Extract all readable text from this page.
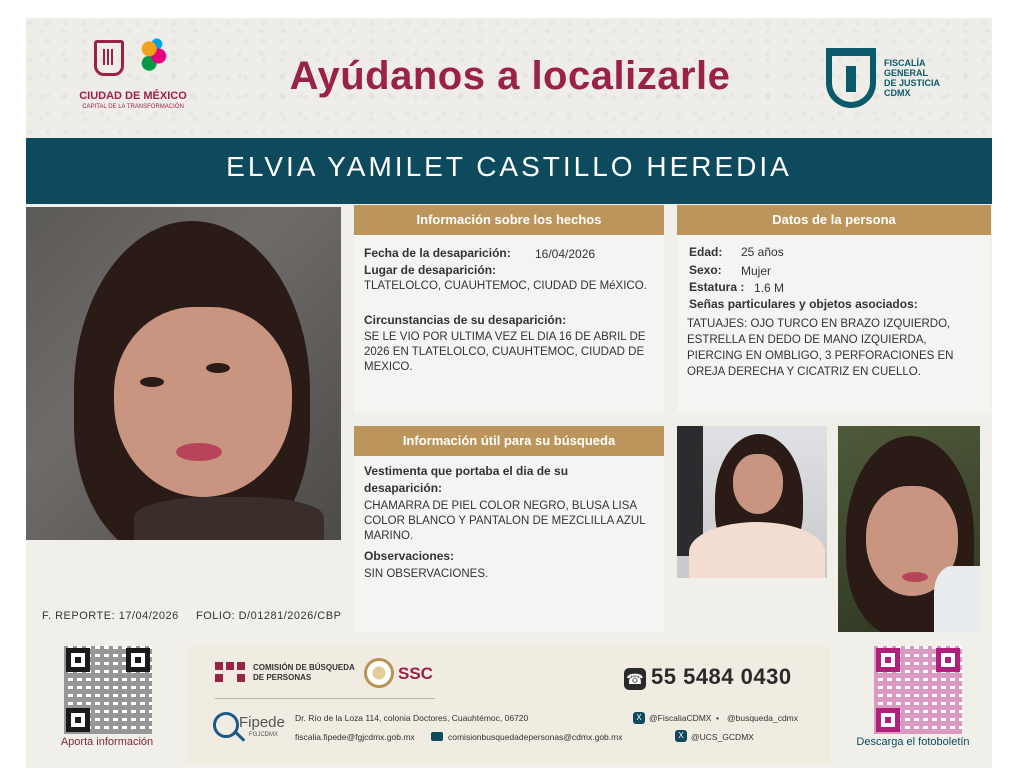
CIUDAD DE MÉXICO
CAPITAL DE LA TRANSFORMACIÓN
Ayúdanos a localizarle	FISCALÍA
GENERAL
DE JUSTICIA
CDMX
ELVIA YAMILET CASTILLO HEREDIA
F. REPORTE: 17/04/2026 FOLIO: D/01281/2026/CBP
Información sobre los hechos
Fecha de la desaparición: 16/04/2026
Lugar de desaparición:
TLATELOLCO, CUAUHTEMOC, CIUDAD DE MéXICO.
Circunstancias de su desaparición:
SE LE VIO POR ULTIMA VEZ EL DIA 16 DE ABRIL DE
2026 EN TLATELOLCO, CUAUHTEMOC, CIUDAD DE
MEXICO.
Datos de la persona
Edad: 25 años
Sexo: Mujer
Estatura : 1.6 M
Señas particulares y objetos asociados:
TATUAJES: OJO TURCO EN BRAZO IZQUIERDO,
ESTRELLA EN DEDO DE MANO IZQUIERDA,
PIERCING EN OMBLIGO, 3 PERFORACIONES EN
OREJA DERECHA Y CICATRIZ EN CUELLO.
Información útil para su búsqueda
Vestimenta que portaba el dia de su
desaparición:
CHAMARRA DE PIEL COLOR NEGRO, BLUSA LISA
COLOR BLANCO Y PANTALON DE MEZCLILLA AZUL
MARINO.
Observaciones:
SIN OBSERVACIONES.
Aporta información	Descarga el fotoboletín
COMISIÓN DE BÚSQUEDA DE PERSONAS	SSC	☎ 55 5484 0430
Fipede
FGJCDMX
Dr. Río de la Loza 114, colonia Doctores, Cuauhtémoc, 06720
fiscalia.fipede@fgjcdmx.gob.mx	comisionbusquedadepersonas@cdmx.gob.mx
X @FiscaliaCDMX • @busqueda_cdmx
X @UCS_GCDMX
